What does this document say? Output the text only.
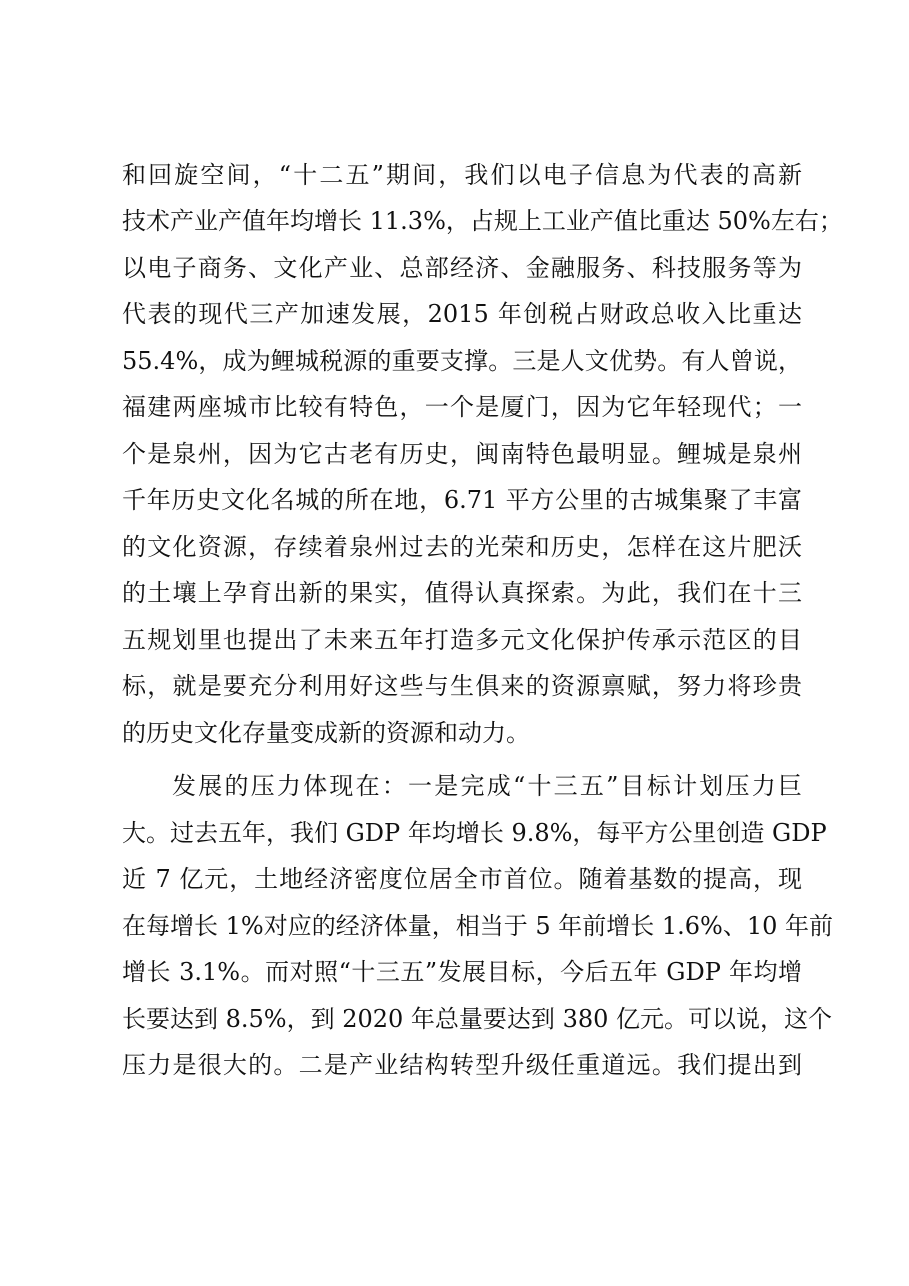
和回旋空间，“十二五”期间，我们以电子信息为代表的高新
技术产业产值年均增长 11.3%，占规上工业产值比重达 50%左右；
以电子商务、文化产业、总部经济、金融服务、科技服务等为
代表的现代三产加速发展，2015 年创税占财政总收入比重达
55.4%，成为鲤城税源的重要支撑。三是人文优势。有人曾说，
福建两座城市比较有特色，一个是厦门，因为它年轻现代；一
个是泉州，因为它古老有历史，闽南特色最明显。鲤城是泉州
千年历史文化名城的所在地，6.71 平方公里的古城集聚了丰富
的文化资源，存续着泉州过去的光荣和历史，怎样在这片肥沃
的土壤上孕育出新的果实，值得认真探索。为此，我们在十三
五规划里也提出了未来五年打造多元文化保护传承示范区的目
标，就是要充分利用好这些与生俱来的资源禀赋，努力将珍贵
的历史文化存量变成新的资源和动力。
发展的压力体现在：一是完成“十三五”目标计划压力巨
大。过去五年，我们 GDP 年均增长 9.8%，每平方公里创造 GDP
近 7 亿元，土地经济密度位居全市首位。随着基数的提高，现
在每增长 1%对应的经济体量，相当于 5 年前增长 1.6%、10 年前
增长 3.1%。而对照“十三五”发展目标，今后五年 GDP 年均增
长要达到 8.5%，到 2020 年总量要达到 380 亿元。可以说，这个
压力是很大的。二是产业结构转型升级任重道远。我们提出到
